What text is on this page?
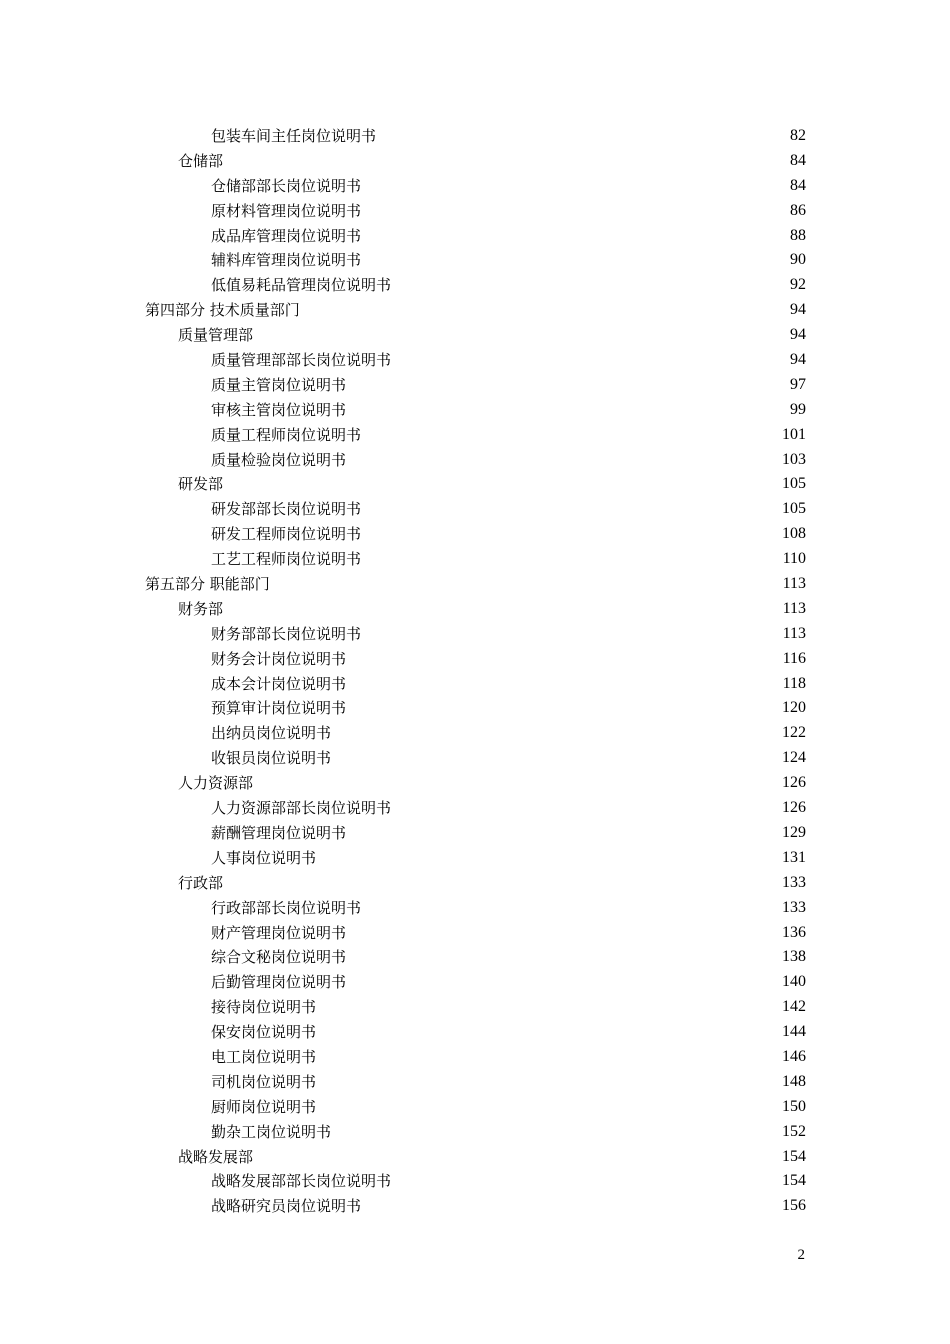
包装车间主任岗位说明书	82
仓储部	84
仓储部部长岗位说明书	84
原材料管理岗位说明书	86
成品库管理岗位说明书	88
辅料库管理岗位说明书	90
低值易耗品管理岗位说明书	92
第四部分 技术质量部门	94
质量管理部	94
质量管理部部长岗位说明书	94
质量主管岗位说明书	97
审核主管岗位说明书	99
质量工程师岗位说明书	101
质量检验岗位说明书	103
研发部	105
研发部部长岗位说明书	105
研发工程师岗位说明书	108
工艺工程师岗位说明书	110
第五部分 职能部门	113
财务部	113
财务部部长岗位说明书	113
财务会计岗位说明书	116
成本会计岗位说明书	118
预算审计岗位说明书	120
出纳员岗位说明书	122
收银员岗位说明书	124
人力资源部	126
人力资源部部长岗位说明书	126
薪酬管理岗位说明书	129
人事岗位说明书	131
行政部	133
行政部部长岗位说明书	133
财产管理岗位说明书	136
综合文秘岗位说明书	138
后勤管理岗位说明书	140
接待岗位说明书	142
保安岗位说明书	144
电工岗位说明书	146
司机岗位说明书	148
厨师岗位说明书	150
勤杂工岗位说明书	152
战略发展部	154
战略发展部部长岗位说明书	154
战略研究员岗位说明书	156
2
